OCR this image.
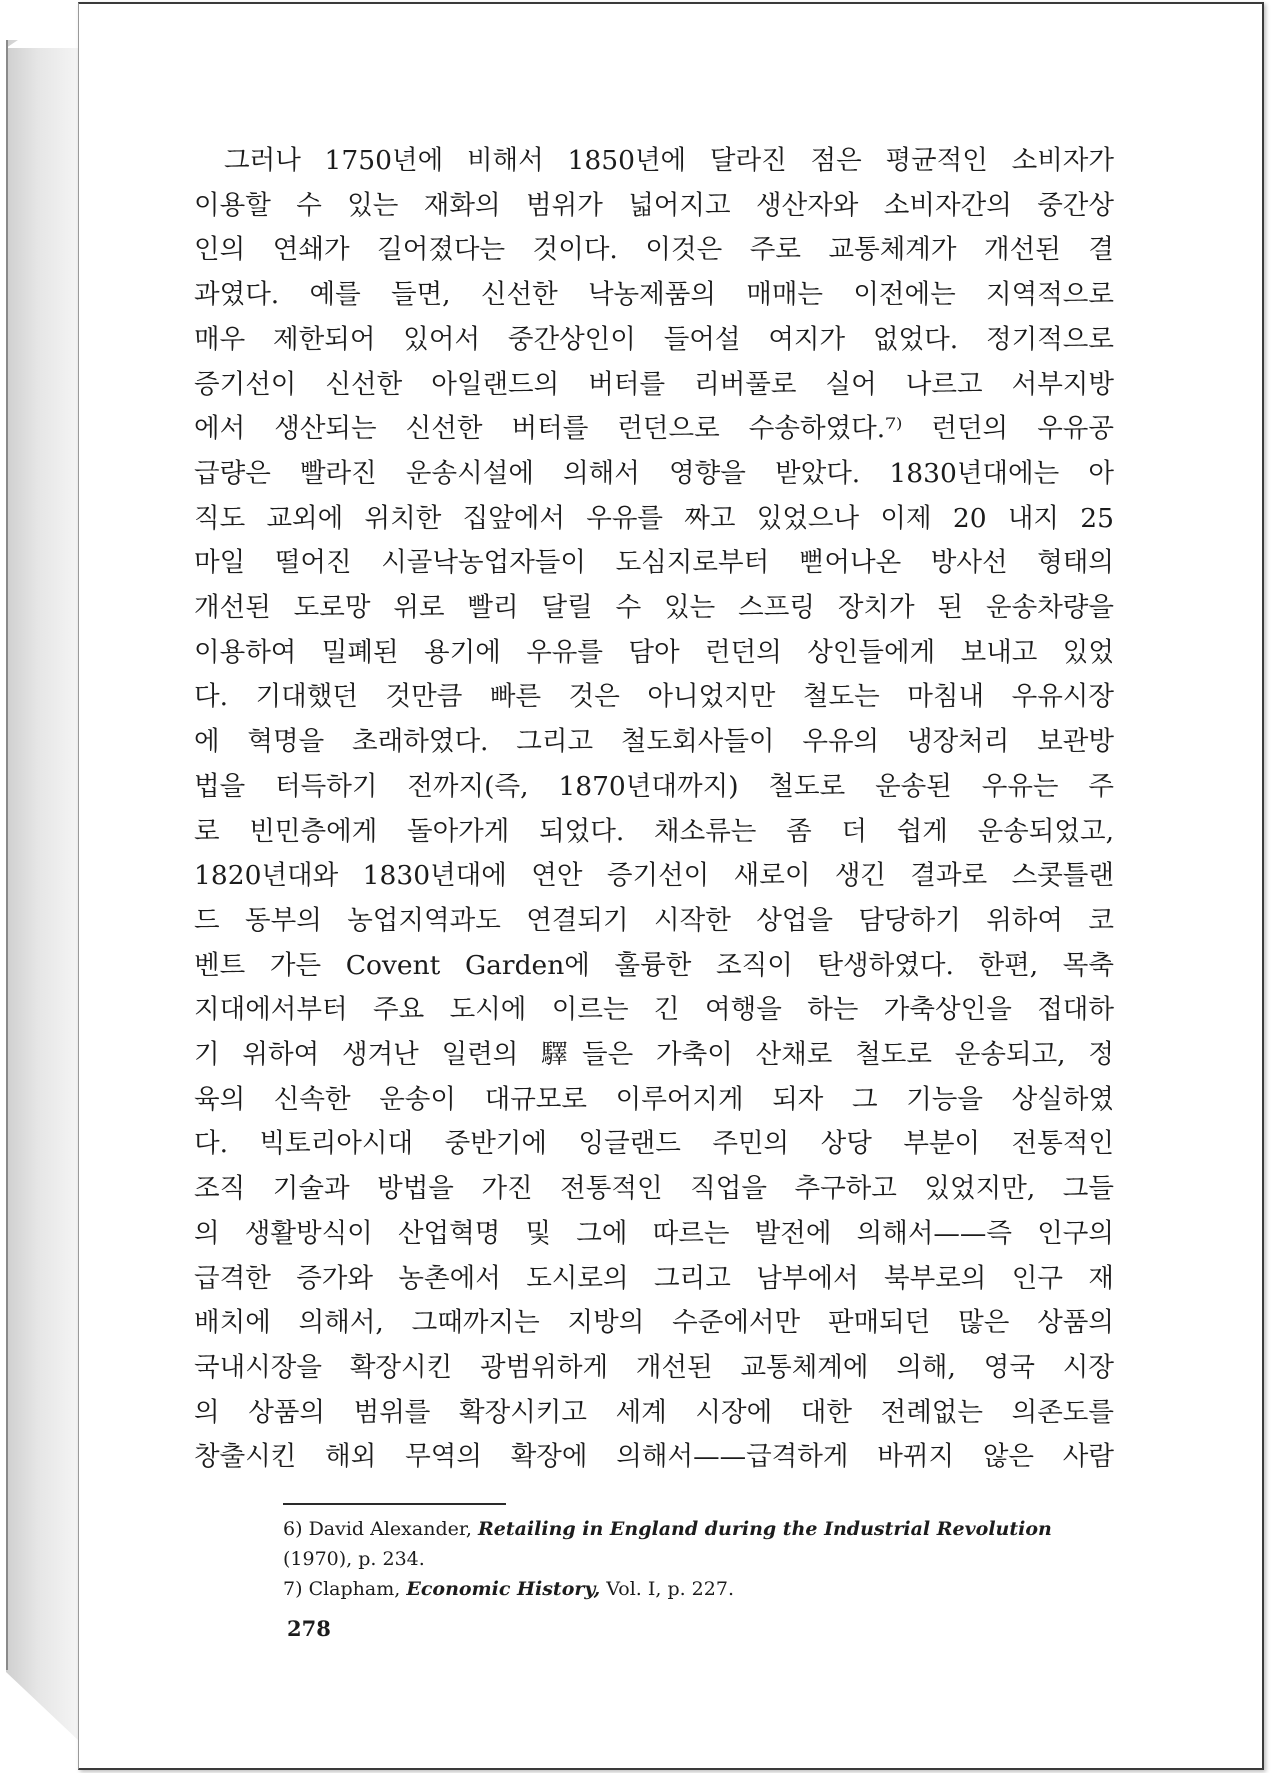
그러나 1750년에 비해서 1850년에 달라진 점은 평균적인 소비자가
이용할 수 있는 재화의 범위가 넓어지고 생산자와 소비자간의 중간상
인의 연쇄가 길어졌다는 것이다. 이것은 주로 교통체계가 개선된 결
과였다. 예를 들면, 신선한 낙농제품의 매매는 이전에는 지역적으로
매우 제한되어 있어서 중간상인이 들어설 여지가 없었다. 정기적으로
증기선이 신선한 아일랜드의 버터를 리버풀로 실어 나르고 서부지방
에서 생산되는 신선한 버터를 런던으로 수송하였다.⁷⁾ 런던의 우유공
급량은 빨라진 운송시설에 의해서 영향을 받았다. 1830년대에는 아
직도 교외에 위치한 집앞에서 우유를 짜고 있었으나 이제 20 내지 25
마일 떨어진 시골낙농업자들이 도심지로부터 뻗어나온 방사선 형태의
개선된 도로망 위로 빨리 달릴 수 있는 스프링 장치가 된 운송차량을
이용하여 밀폐된 용기에 우유를 담아 런던의 상인들에게 보내고 있었
다. 기대했던 것만큼 빠른 것은 아니었지만 철도는 마침내 우유시장
에 혁명을 초래하였다. 그리고 철도회사들이 우유의 냉장처리 보관방
법을 터득하기 전까지(즉, 1870년대까지) 철도로 운송된 우유는 주
로 빈민층에게 돌아가게 되었다. 채소류는 좀 더 쉽게 운송되었고,
1820년대와 1830년대에 연안 증기선이 새로이 생긴 결과로 스콧틀랜
드 동부의 농업지역과도 연결되기 시작한 상업을 담당하기 위하여 코
벤트 가든 Covent Garden에 훌륭한 조직이 탄생하였다. 한편, 목축
지대에서부터 주요 도시에 이르는 긴 여행을 하는 가축상인을 접대하
기 위하여 생겨난 일련의 驛들은 가축이 산채로 철도로 운송되고, 정
육의 신속한 운송이 대규모로 이루어지게 되자 그 기능을 상실하였
다. 빅토리아시대 중반기에 잉글랜드 주민의 상당 부분이 전통적인
조직 기술과 방법을 가진 전통적인 직업을 추구하고 있었지만, 그들
의 생활방식이 산업혁명 및 그에 따르는 발전에 의해서——즉 인구의
급격한 증가와 농촌에서 도시로의 그리고 남부에서 북부로의 인구 재
배치에 의해서, 그때까지는 지방의 수준에서만 판매되던 많은 상품의
국내시장을 확장시킨 광범위하게 개선된 교통체계에 의해, 영국 시장
의 상품의 범위를 확장시키고 세계 시장에 대한 전례없는 의존도를
창출시킨 해외 무역의 확장에 의해서——급격하게 바뀌지 않은 사람
6) David Alexander, Retailing in England during the Industrial Revolution
(1970), p. 234.
7) Clapham, Economic History, Vol. I, p. 227.
278
